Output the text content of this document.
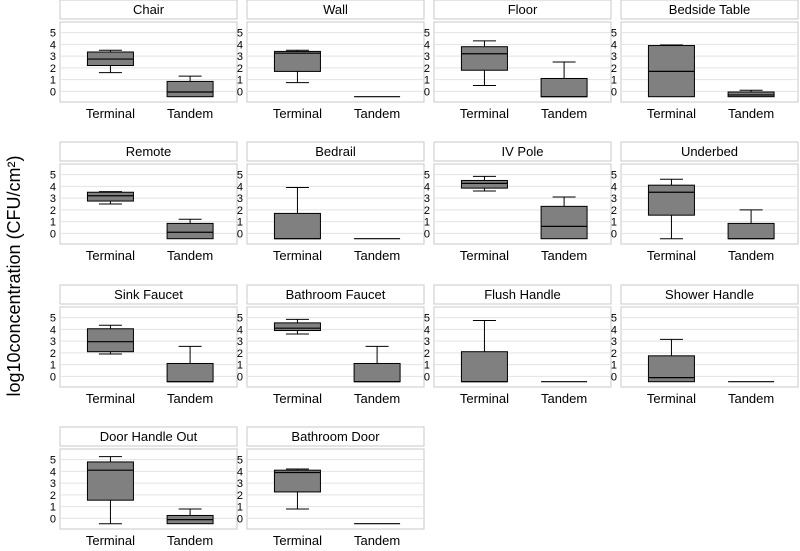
log10concentration (CFU/cm²)
Chair
0
1
2
3
4
5
Terminal Tandem
Wall
0
1
2
3
4
5
Terminal Tandem
Floor
0
1
2
3
4
5
Terminal Tandem
Bedside Table
0
1
2
3
4
5
Terminal Tandem
Remote
0
1
2
3
4
5
Terminal Tandem
Bedrail
0
1
2
3
4
5
Terminal Tandem
IV Pole
0
1
2
3
4
5
Terminal Tandem
Underbed
0
1
2
3
4
5
Terminal Tandem
Sink Faucet
0
1
2
3
4
5
Terminal Tandem
Bathroom Faucet
0
1
2
3
4
5
Terminal Tandem
Flush Handle
0
1
2
3
4
5
Terminal Tandem
Shower Handle
0
1
2
3
4
5
Terminal Tandem
Door Handle Out
0
1
2
3
4
5
Terminal Tandem
Bathroom Door
0
1
2
3
4
5
Terminal Tandem
